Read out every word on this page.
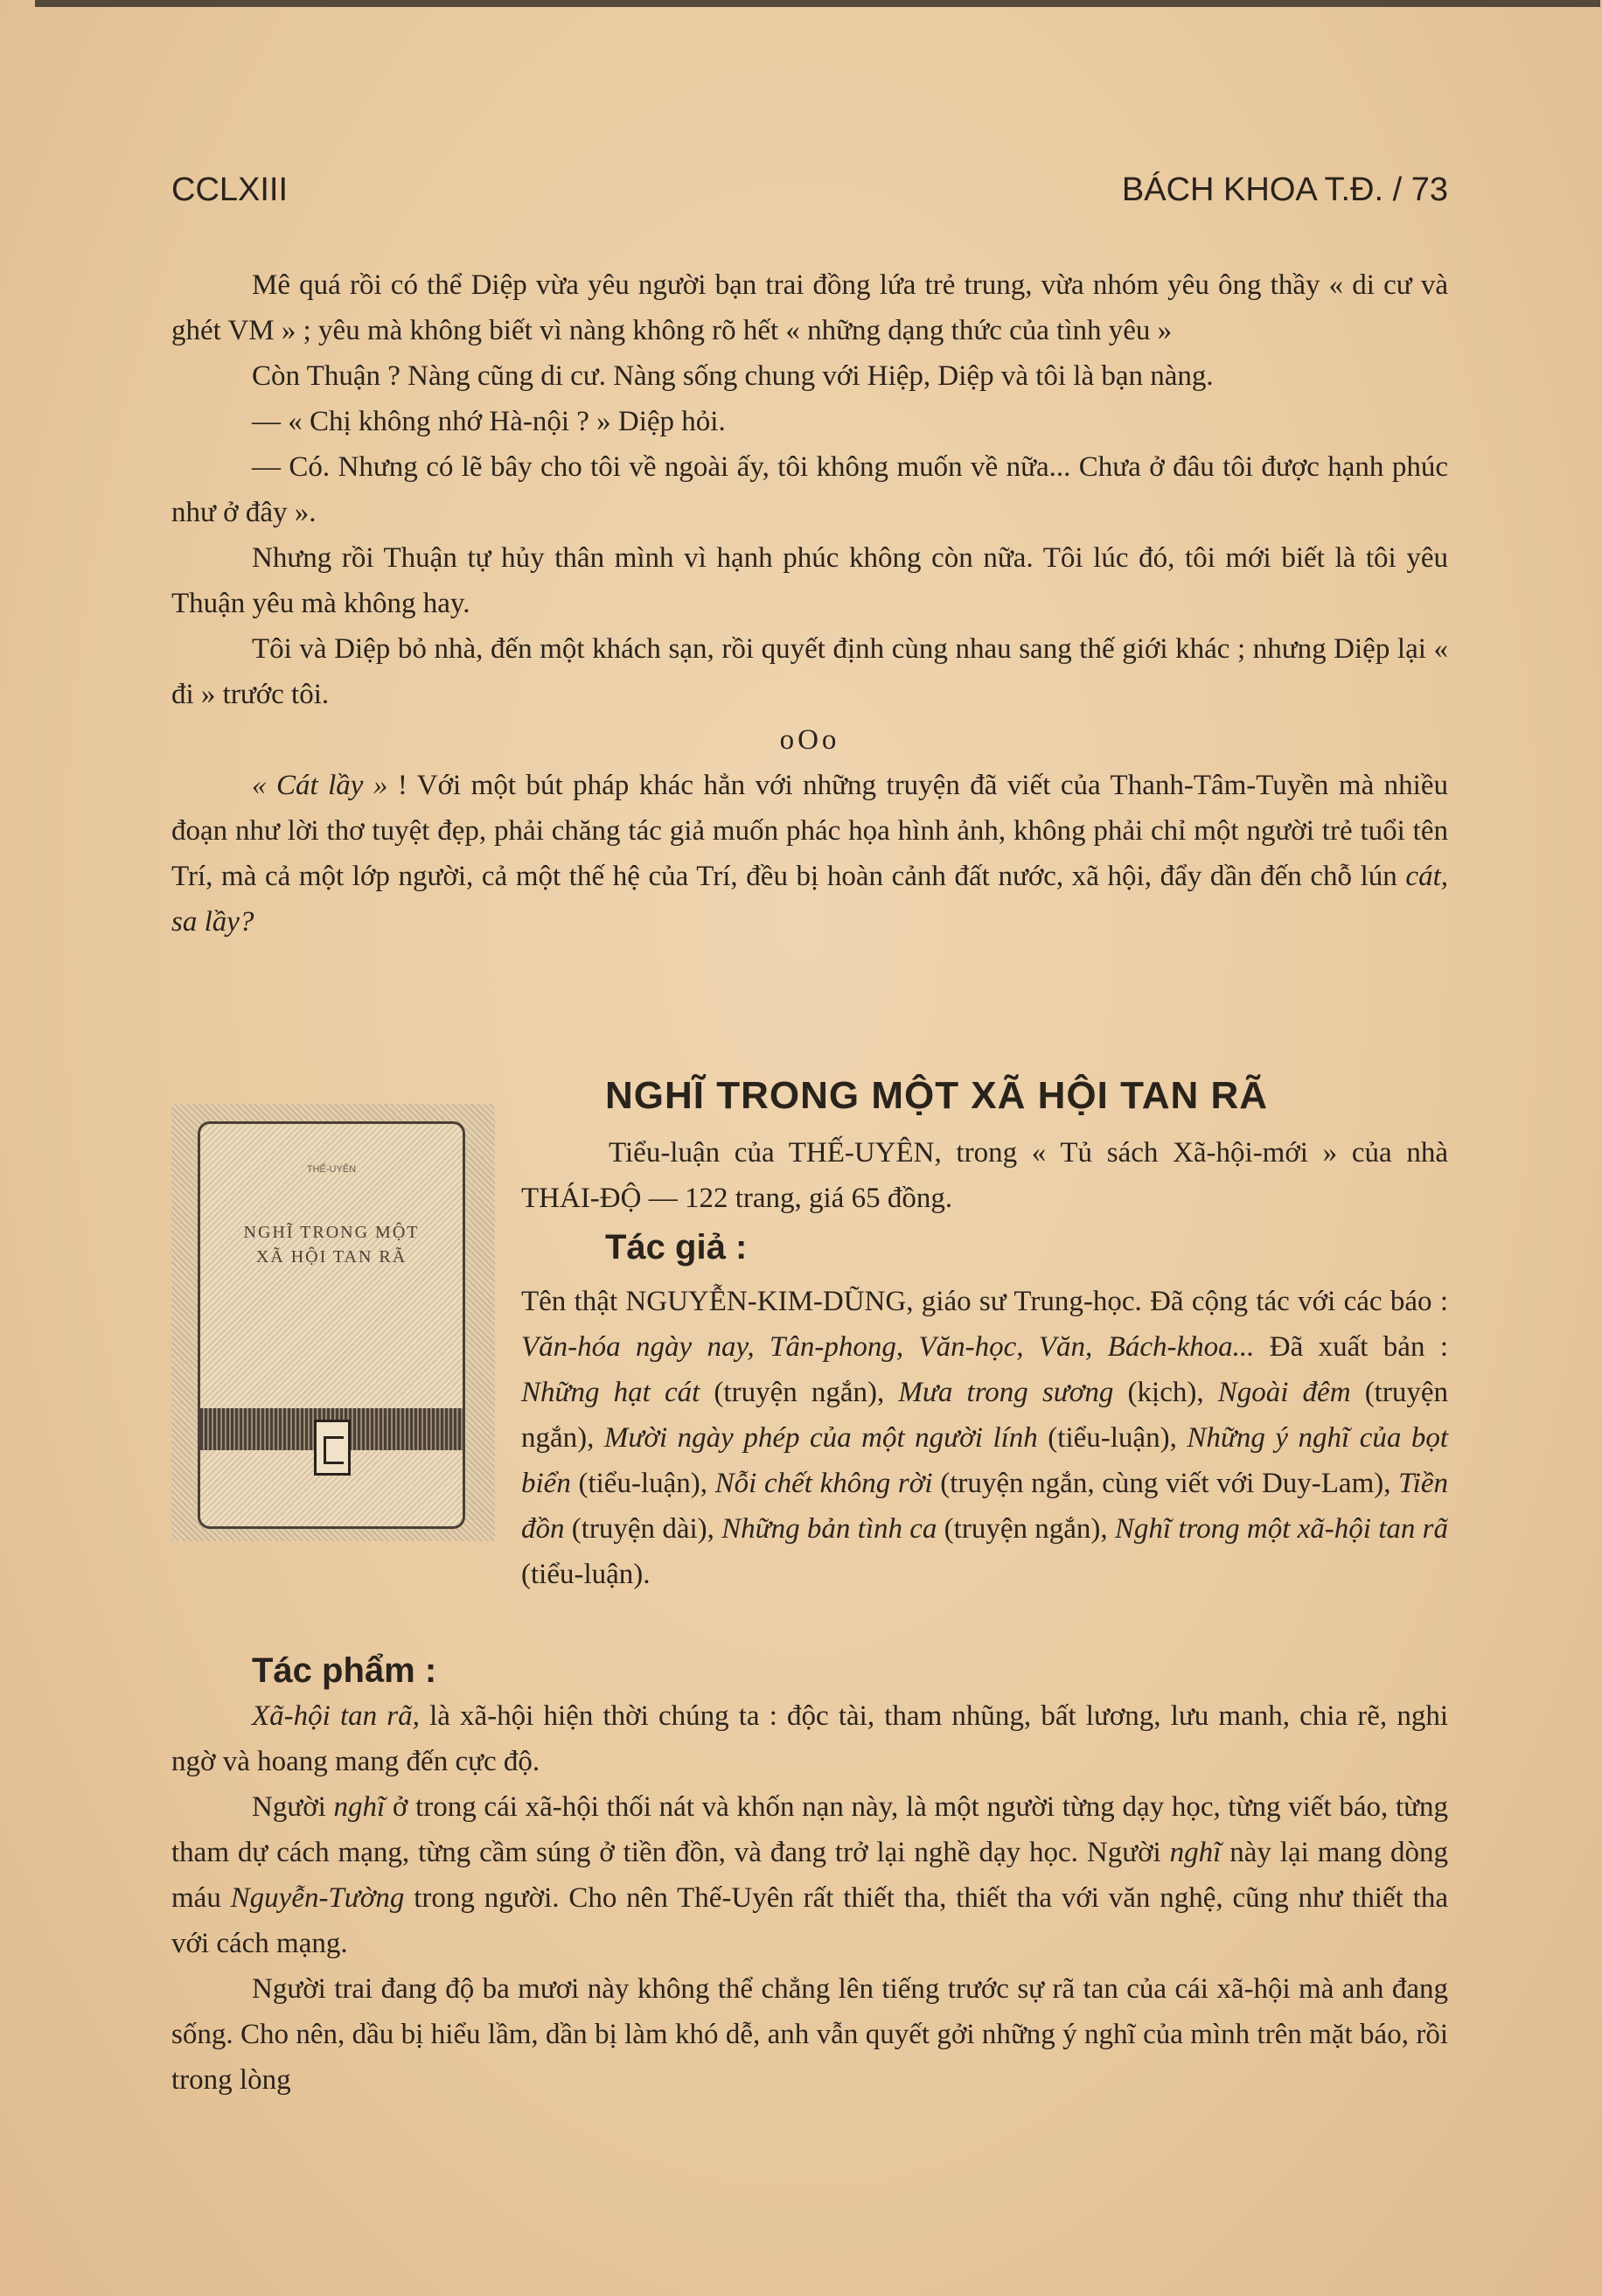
CCLXIII	BÁCH KHOA T.Đ. / 73

Mê quá rồi có thể Diệp vừa yêu người bạn trai đồng lứa trẻ trung, vừa nhóm yêu ông thầy « di cư và ghét VM » ; yêu mà không biết vì nàng không rõ hết « những dạng thức của tình yêu »

Còn Thuận ? Nàng cũng di cư. Nàng sống chung với Hiệp, Diệp và tôi là bạn nàng.

— « Chị không nhớ Hà-nội ? » Diệp hỏi.

— Có. Nhưng có lẽ bây cho tôi về ngoài ấy, tôi không muốn về nữa... Chưa ở đâu tôi được hạnh phúc như ở đây ».

Nhưng rồi Thuận tự hủy thân mình vì hạnh phúc không còn nữa. Tôi lúc đó, tôi mới biết là tôi yêu Thuận yêu mà không hay.

Tôi và Diệp bỏ nhà, đến một khách sạn, rồi quyết định cùng nhau sang thế giới khác ; nhưng Diệp lại « đi » trước tôi.

oOo

« Cát lầy » ! Với một bút pháp khác hẳn với những truyện đã viết của Thanh-Tâm-Tuyền mà nhiều đoạn như lời thơ tuyệt đẹp, phải chăng tác giả muốn phác họa hình ảnh, không phải chỉ một người trẻ tuổi tên Trí, mà cả một lớp người, cả một thế hệ của Trí, đều bị hoàn cảnh đất nước, xã hội, đẩy dần đến chỗ lún cát, sa lầy?

NGHĨ TRONG MỘT XÃ HỘI TAN RÃ
THẾ-UYÊN
NGHĨ TRONG MỘT
XÃ HỘI TAN RÃ

Tiểu-luận của THẾ-UYÊN, trong « Tủ sách Xã-hội-mới » của nhà THÁI-ĐỘ — 122 trang, giá 65 đồng.

Tác giả :

Tên thật NGUYỄN-KIM-DŨNG, giáo sư Trung-học. Đã cộng tác với các báo : Văn-hóa ngày nay, Tân-phong, Văn-học, Văn, Bách-khoa... Đã xuất bản : Những hạt cát (truyện ngắn), Mưa trong sương (kịch), Ngoài đêm (truyện ngắn), Mười ngày phép của một người lính (tiểu-luận), Những ý nghĩ của bọt biển (tiểu-luận), Nỗi chết không rời (truyện ngắn, cùng viết với Duy-Lam), Tiền đồn (truyện dài), Những bản tình ca (truyện ngắn), Nghĩ trong một xã-hội tan rã (tiểu-luận).

Tác phẩm :

Xã-hội tan rã, là xã-hội hiện thời chúng ta : độc tài, tham nhũng, bất lương, lưu manh, chia rẽ, nghi ngờ và hoang mang đến cực độ.

Người nghĩ ở trong cái xã-hội thối nát và khốn nạn này, là một người từng dạy học, từng viết báo, từng tham dự cách mạng, từng cầm súng ở tiền đồn, và đang trở lại nghề dạy học. Người nghĩ này lại mang dòng máu Nguyễn-Tường trong người. Cho nên Thế-Uyên rất thiết tha, thiết tha với văn nghệ, cũng như thiết tha với cách mạng.

Người trai đang độ ba mươi này không thể chẳng lên tiếng trước sự rã tan của cái xã-hội mà anh đang sống. Cho nên, dầu bị hiểu lầm, dần bị làm khó dễ, anh vẫn quyết gởi những ý nghĩ của mình trên mặt báo, rồi trong lòng
